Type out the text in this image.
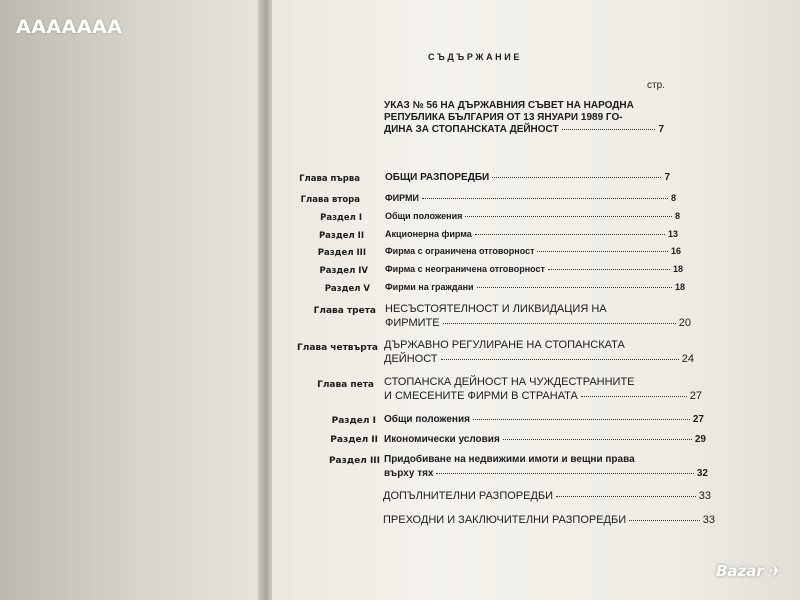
AAAAAAA
СЪДЪРЖАНИЕ
стр.
УКАЗ № 56 НА ДЪРЖАВНИЯ СЪВЕТ НА НАРОДНА
РЕПУБЛИКА БЪЛГАРИЯ ОТ 13 ЯНУАРИ 1989 ГО-
ДИНА ЗА СТОПАНСКАТА ДЕЙНОСТ	7
Глава първа	ОБЩИ РАЗПОРЕДБИ	7
Глава втора	ФИРМИ	8
Раздел I	Общи положения	8
Раздел II Акционерна фирма	13
Раздел III Фирма с ограничена отговорност	16
Раздел IV Фирма с неограничена отговорност	18
Раздел V Фирми на граждани	18
Глава трета НЕСЪСТОЯТЕЛНОСТ И ЛИКВИДАЦИЯ НА
ФИРМИТЕ	20
Глава четвърта ДЪРЖАВНО РЕГУЛИРАНЕ НА СТОПАНСКАТА
ДЕЙНОСТ	24
Глава пета СТОПАНСКА ДЕЙНОСТ НА ЧУЖДЕСТРАННИТЕ
И СМЕСЕНИТЕ ФИРМИ В СТРАНАТА	27
Раздел I Общи положения	27
Раздел II Икономически условия	29
Раздел III Придобиване на недвижими имоти и вещни права
върху тях	32
ДОПЪЛНИТЕЛНИ РАЗПОРЕДБИ	33
ПРЕХОДНИ И ЗАКЛЮЧИТЕЛНИ РАЗПОРЕДБИ	33
Bazar ✈
